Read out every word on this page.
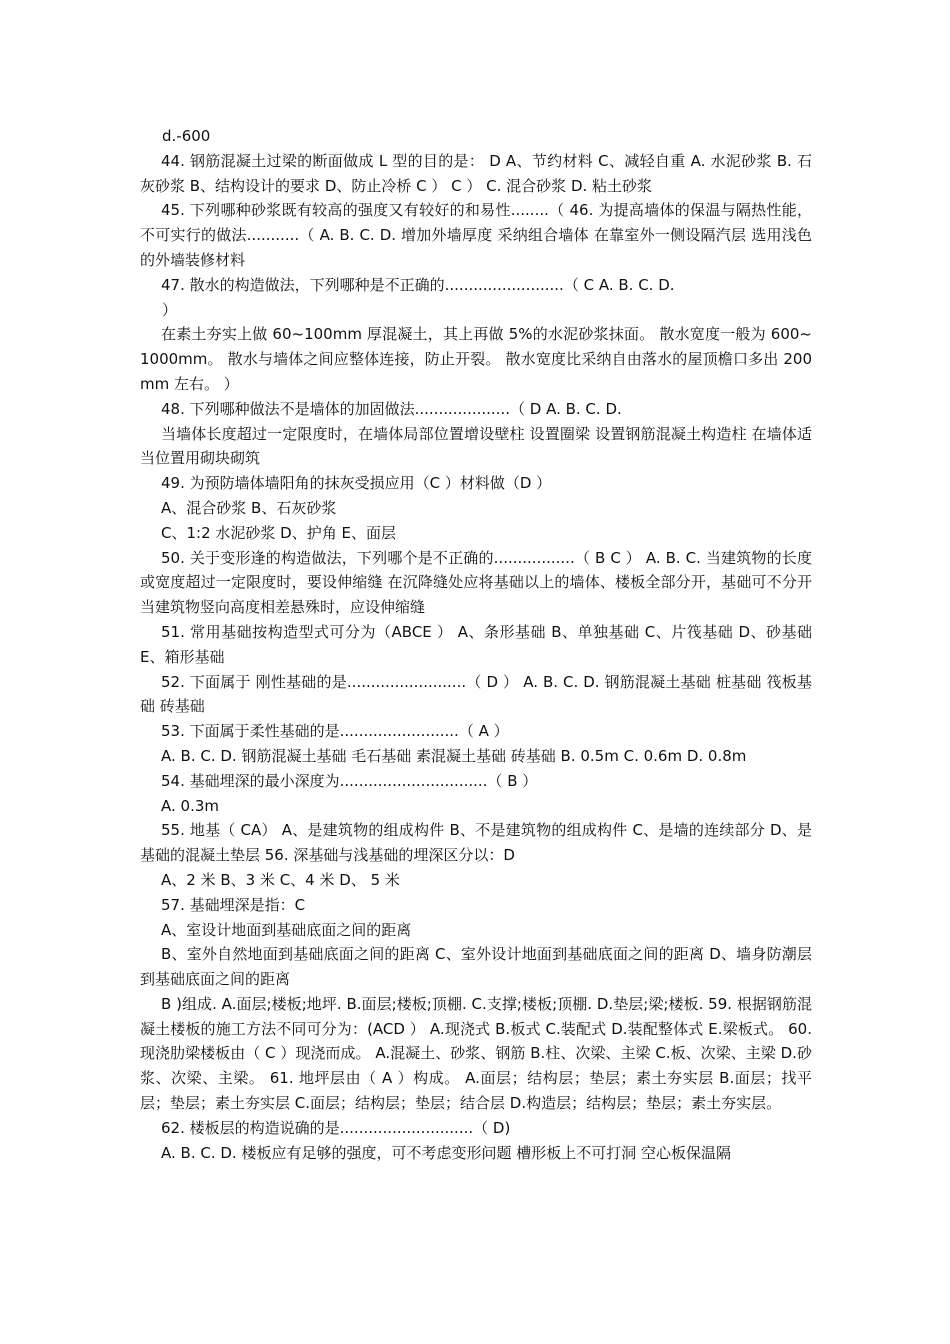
d.-600

44. 钢筋混凝土过梁的断面做成 L 型的目的是： D A、节约材料 C、减轻自重 A. 水泥砂浆 B. 石灰砂浆 B、结构设计的要求 D、防止冷桥 C ） C ） C. 混合砂浆 D. 粘土砂浆

45. 下列哪种砂浆既有较高的强度又有较好的和易性........（ 46. 为提高墙体的保温与隔热性能，不可实行的做法...........（ A. B. C. D. 增加外墙厚度 采纳组合墙体 在靠室外一侧设隔汽层 选用浅色的外墙装修材料

47. 散水的构造做法，下列哪种是不正确的.........................（ C A. B. C. D.

）

在素土夯实上做 60~100mm 厚混凝土，其上再做 5%的水泥砂浆抹面。 散水宽度一般为 600~1000mm。 散水与墙体之间应整体连接，防止开裂。 散水宽度比采纳自由落水的屋顶檐口多出 200mm 左右。 ）

48. 下列哪种做法不是墙体的加固做法....................（ D A. B. C. D.

当墙体长度超过一定限度时，在墙体局部位置增设壁柱 设置圈梁 设置钢筋混凝土构造柱 在墙体适当位置用砌块砌筑

49. 为预防墙体墙阳角的抹灰受损应用（C ）材料做（D ）

A、混合砂浆 B、石灰砂浆

C、1:2 水泥砂浆 D、护角 E、面层

50. 关于变形逢的构造做法，下列哪个是不正确的.................（ B C ） A. B. C. 当建筑物的长度或宽度超过一定限度时，要设伸缩缝 在沉降缝处应将基础以上的墙体、楼板全部分开，基础可不分开 当建筑物竖向高度相差悬殊时，应设伸缩缝

51. 常用基础按构造型式可分为（ABCE ） A、条形基础 B、单独基础 C、片筏基础 D、砂基础 E、箱形基础

52. 下面属于 刚性基础的是.........................（ D ） A. B. C. D. 钢筋混凝土基础 桩基础 筏板基础 砖基础

53. 下面属于柔性基础的是.........................（ A ）

A. B. C. D. 钢筋混凝土基础 毛石基础 素混凝土基础 砖基础 B. 0.5m C. 0.6m D. 0.8m

54. 基础埋深的最小深度为...............................（ B ）

A. 0.3m

55. 地基（ CA） A、是建筑物的组成构件 B、不是建筑物的组成构件 C、是墙的连续部分 D、是基础的混凝土垫层 56. 深基础与浅基础的埋深区分以：D

A、2 米 B、3 米 C、4 米 D、 5 米

57. 基础埋深是指：C

A、室设计地面到基础底面之间的距离

B、室外自然地面到基础底面之间的距离 C、室外设计地面到基础底面之间的距离 D、墙身防潮层到基础底面之间的距离

B )组成. A.面层;楼板;地坪. B.面层;楼板;顶棚. C.支撑;楼板;顶棚. D.垫层;梁;楼板. 59. 根据钢筋混凝土楼板的施工方法不同可分为：(ACD ） A.现浇式 B.板式 C.装配式 D.装配整体式 E.梁板式。 60. 现浇肋梁楼板由（ C ）现浇而成。 A.混凝土、砂浆、钢筋 B.柱、次梁、主梁 C.板、次梁、主梁 D.砂浆、次梁、主梁。 61. 地坪层由（ A ）构成。 A.面层；结构层；垫层；素土夯实层 B.面层；找平层；垫层；素土夯实层 C.面层；结构层；垫层；结合层 D.构造层；结构层；垫层；素土夯实层。

62. 楼板层的构造说确的是............................（ D)

A. B. C. D. 楼板应有足够的强度，可不考虑变形问题 槽形板上不可打洞 空心板保温隔
